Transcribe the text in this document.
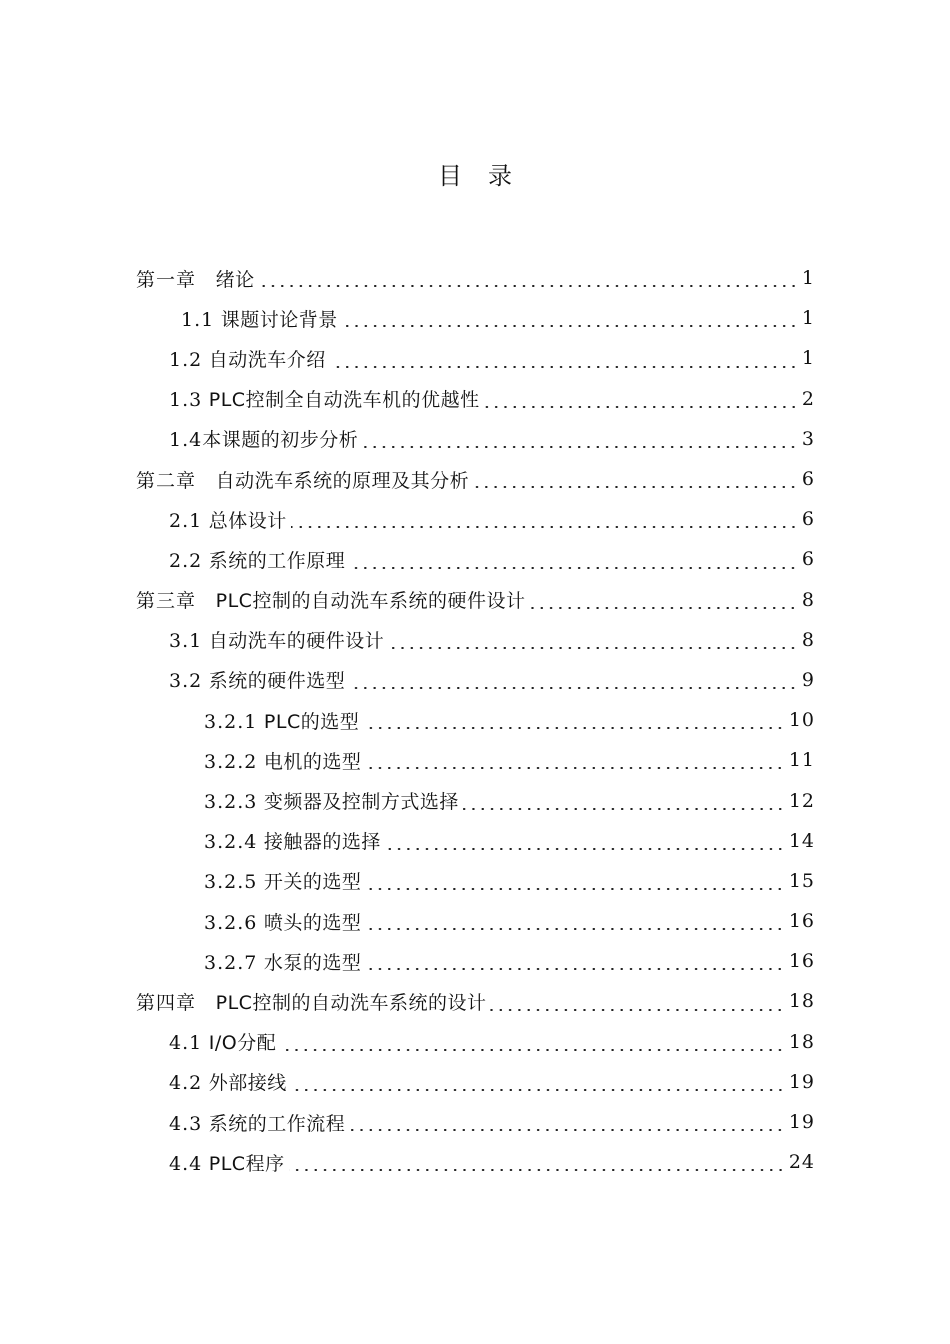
目录
第一章 绪论	1
1.1 课题讨论背景	1
1.2 自动洗车介绍	1
1.3 PLC控制全自动洗车机的优越性	2
1.4本课题的初步分析	3
第二章 自动洗车系统的原理及其分析	6
2.1 总体设计	6
2.2 系统的工作原理	6
第三章 PLC控制的自动洗车系统的硬件设计	8
3.1 自动洗车的硬件设计	8
3.2 系统的硬件选型	9
3.2.1 PLC的选型	10
3.2.2 电机的选型	11
3.2.3 变频器及控制方式选择	12
3.2.4 接触器的选择	14
3.2.5 开关的选型	15
3.2.6 喷头的选型	16
3.2.7 水泵的选型	16
第四章 PLC控制的自动洗车系统的设计	18
4.1 I/O分配	18
4.2 外部接线	19
4.3 系统的工作流程	19
4.4 PLC程序	24
